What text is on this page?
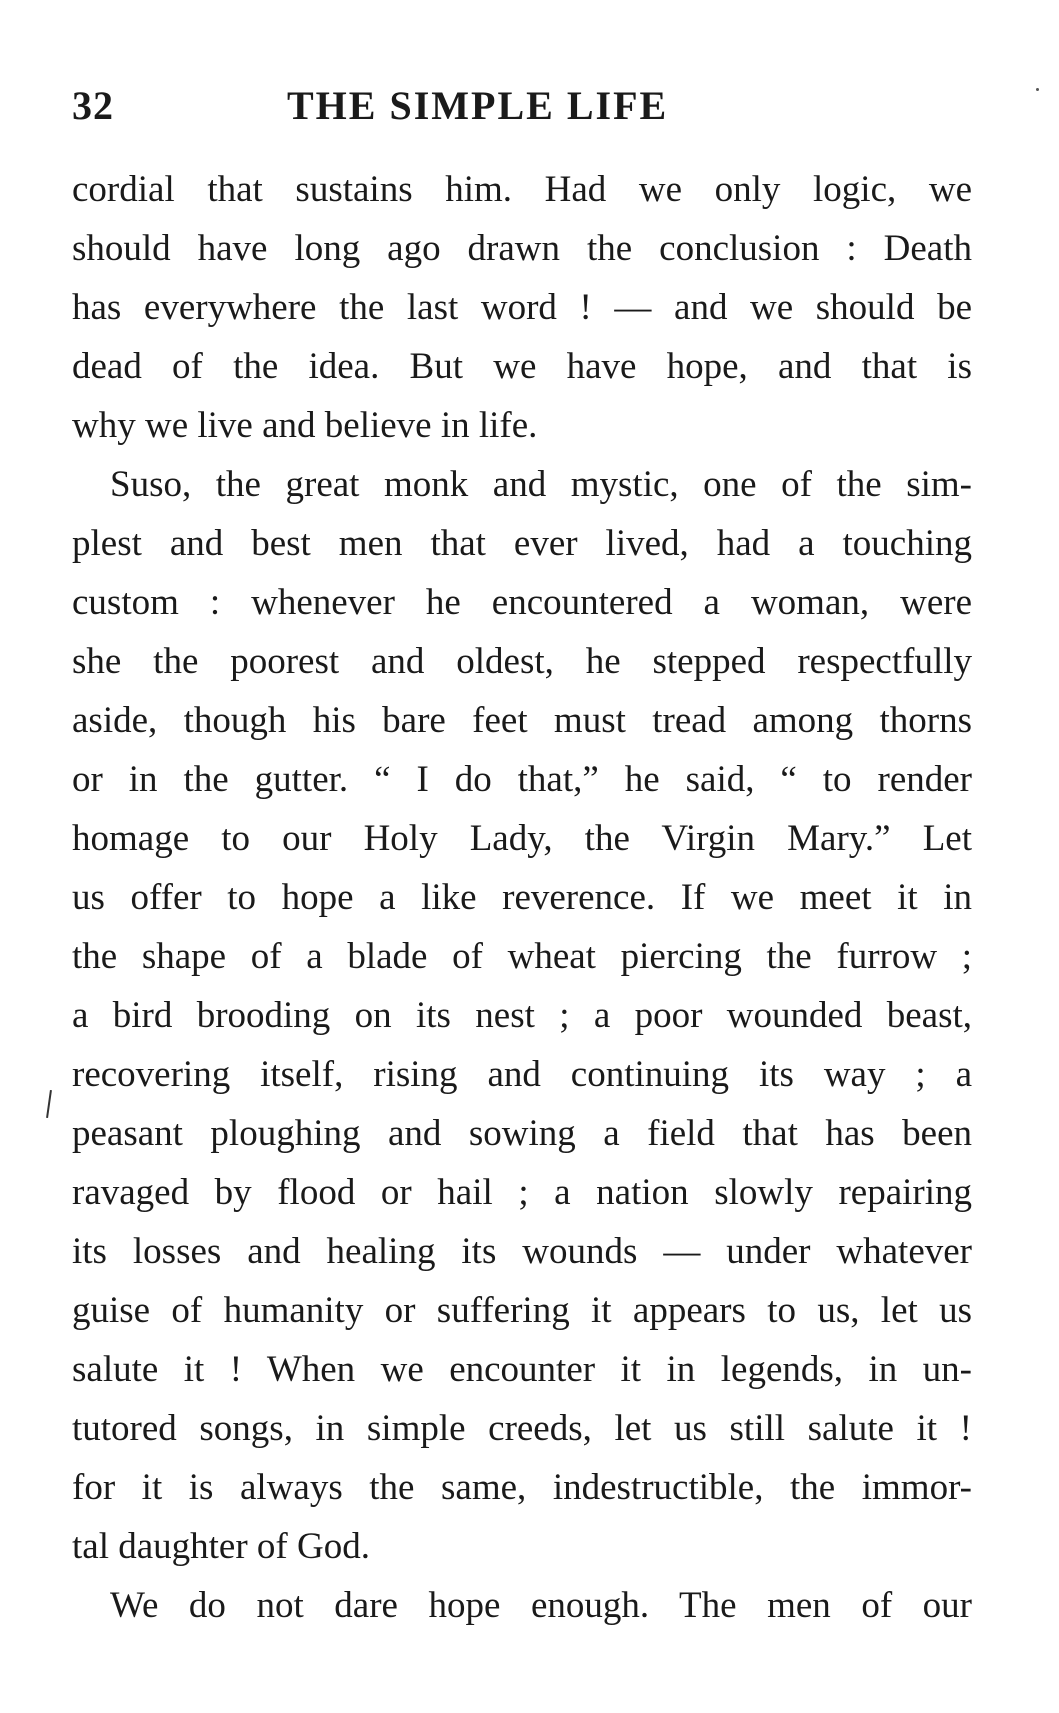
32	THE SIMPLE LIFE
cordial that sustains him. Had we only logic, we
should have long ago drawn the conclusion : Death
has everywhere the last word ! — and we should be
dead of the idea. But we have hope, and that is
why we live and believe in life.
Suso, the great monk and mystic, one of the sim-
plest and best men that ever lived, had a touching
custom : whenever he encountered a woman, were
she the poorest and oldest, he stepped respectfully
aside, though his bare feet must tread among thorns
or in the gutter. “ I do that,” he said, “ to render
homage to our Holy Lady, the Virgin Mary.” Let
us offer to hope a like reverence. If we meet it in
the shape of a blade of wheat piercing the furrow ;
a bird brooding on its nest ; a poor wounded beast,
recovering itself, rising and continuing its way ; a
peasant ploughing and sowing a field that has been
ravaged by flood or hail ; a nation slowly repairing
its losses and healing its wounds — under whatever
guise of humanity or suffering it appears to us, let us
salute it ! When we encounter it in legends, in un-
tutored songs, in simple creeds, let us still salute it !
for it is always the same, indestructible, the immor-
tal daughter of God.
We do not dare hope enough. The men of our
